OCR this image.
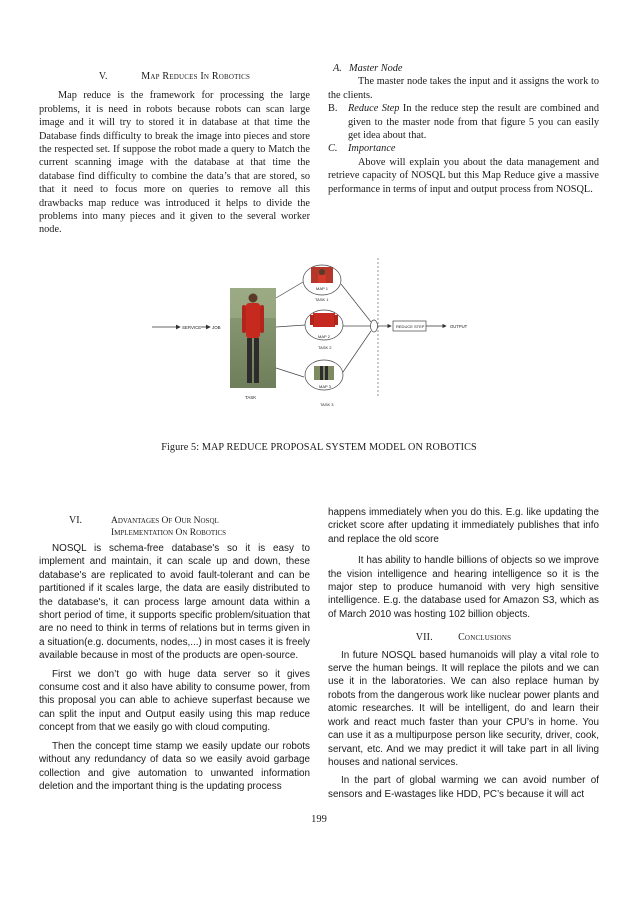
V.	Map Reduces In Robotics

Map reduce is the framework for processing the large problems, it is need in robots because robots can scan large image and it will try to stored it in database at that time the Database finds difficulty to break the image into pieces and store the respected set. If suppose the robot made a query to Match the current scanning image with the database at that time the database find difficulty to combine the data’s that are stored, so that it need to focus more on queries to remove all this drawbacks map reduce was introduced it helps to divide the problems into many pieces and it given to the several worker node.

A. Master Node

The master node takes the input and it assigns the work to the clients.

B. Reduce Step In the reduce step the result are combined and given to the master node from that figure 5 you can easily get idea about that.

C. Importance

Above will explain you about the data management and retrieve capacity of NOSQL but this Map Reduce give a massive performance in terms of input and output process from NOSQL.

SERVICE JOB
TASK
MAP 1
TASK 1
MAP 2
TASK 2
MAP 3
TASK 3
REDUCE STEP	OUTPUT
Figure 5: MAP REDUCE PROPOSAL SYSTEM MODEL ON ROBOTICS
VI.	Advantages Of Our Nosql
Implementation On Robotics

NOSQL is schema-free database's so it is easy to implement and maintain, it can scale up and down, these database's are replicated to avoid fault-tolerant and can be partitioned if it scales large, the data are easily distributed to the database's, it can process large amount data within a short period of time, it supports specific problem/situation that are no need to think in terms of relations but in terms given in a situation(e.g. documents, nodes,...) in most cases it is freely available because in most of the products are open-source.

First we don’t go with huge data server so it gives consume cost and it also have ability to consume power, from this proposal you can able to achieve superfast because we can split the input and Output easily using this map reduce concept from that we easily go with cloud computing.

Then the concept time stamp we easily update our robots without any redundancy of data so we easily avoid garbage collection and give automation to unwanted information deletion and the important thing is the updating process

happens immediately when you do this. E.g. like updating the cricket score after updating it immediately publishes that info and replace the old score

It has ability to handle billions of objects so we improve the vision intelligence and hearing intelligence so it is the major step to produce humanoid with very high sensitive intelligence. E.g. the database used for Amazon S3, which as of March 2010 was hosting 102 billion objects.

VII.	Conclusions

In future NOSQL based humanoids will play a vital role to serve the human beings. It will replace the pilots and we can use it in the laboratories. We can also replace human by robots from the dangerous work like nuclear power plants and atomic researches. It will be intelligent, do and learn their work and react much faster than your CPU’s in home. You can use it as a multipurpose person like security, driver, cook, servant, etc. And we may predict it will take part in all living houses and national services.

In the part of global warming we can avoid number of sensors and E-wastages like HDD, PC’s because it will act

199
